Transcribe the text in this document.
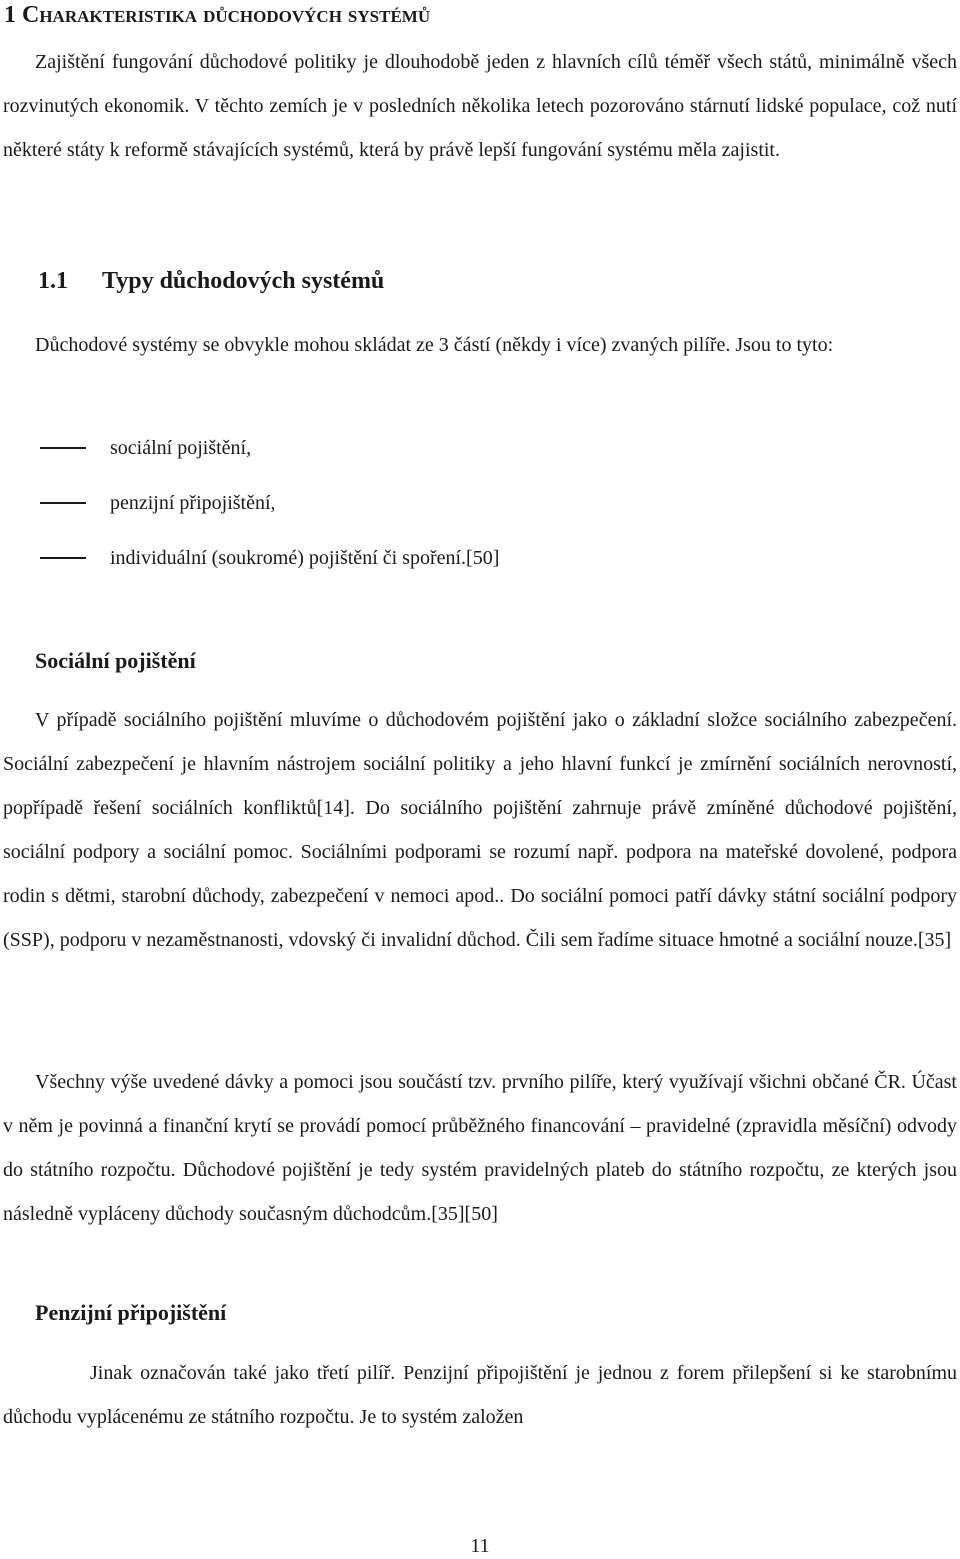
1 Charakteristika důchodových systémů

Zajištění fungování důchodové politiky je dlouhodobě jeden z hlavních cílů téměř všech států, minimálně všech rozvinutých ekonomik. V těchto zemích je v posledních několika letech pozorováno stárnutí lidské populace, což nutí některé státy k reformě stávajících systémů, která by právě lepší fungování systému měla zajistit.

1.1 Typy důchodových systémů

Důchodové systémy se obvykle mohou skládat ze 3 částí (někdy i více) zvaných pilíře. Jsou to tyto:

sociální pojištění,
penzijní připojištění,
individuální (soukromé) pojištění či spoření.[50]
Sociální pojištění

V případě sociálního pojištění mluvíme o důchodovém pojištění jako o základní složce sociálního zabezpečení. Sociální zabezpečení je hlavním nástrojem sociální politiky a jeho hlavní funkcí je zmírnění sociálních nerovností, popřípadě řešení sociálních konfliktů[14]. Do sociálního pojištění zahrnuje právě zmíněné důchodové pojištění, sociální podpory a sociální pomoc. Sociálními podporami se rozumí např. podpora na mateřské dovolené, podpora rodin s dětmi, starobní důchody, zabezpečení v nemoci apod.. Do sociální pomoci patří dávky státní sociální podpory (SSP), podporu v nezaměstnanosti, vdovský či invalidní důchod. Čili sem řadíme situace hmotné a sociální nouze.[35]

Všechny výše uvedené dávky a pomoci jsou součástí tzv. prvního pilíře, který využívají všichni občané ČR. Účast v něm je povinná a finanční krytí se provádí pomocí průběžného financování – pravidelné (zpravidla měsíční) odvody do státního rozpočtu. Důchodové pojištění je tedy systém pravidelných plateb do státního rozpočtu, ze kterých jsou následně vypláceny důchody současným důchodcům.[35][50]

Penzijní připojištění

Jinak označován také jako třetí pilíř. Penzijní připojištění je jednou z forem přilepšení si ke starobnímu důchodu vyplácenému ze státního rozpočtu. Je to systém založen

11
